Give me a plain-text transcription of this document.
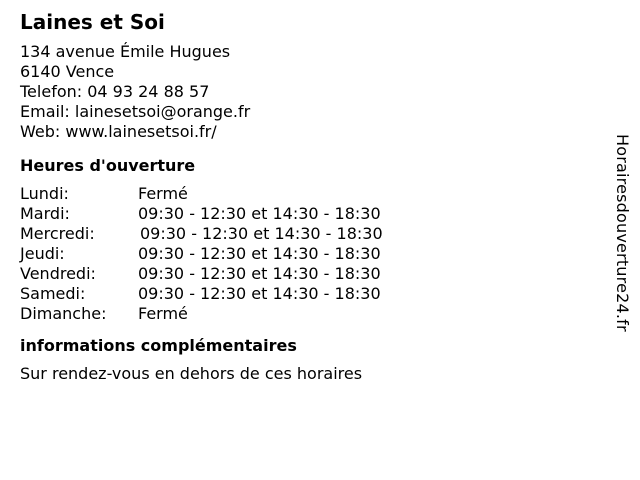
Laines et Soi
134 avenue Émile Hugues
6140 Vence
Telefon: 04 93 24 88 57
Email: lainesetsoi@orange.fr
Web: www.lainesetsoi.fr/
Heures d'ouverture
Lundi:	Fermé
Mardi:	09:30 - 12:30 et 14:30 - 18:30
Mercredi:	09:30 - 12:30 et 14:30 - 18:30
Jeudi:	09:30 - 12:30 et 14:30 - 18:30
Vendredi:	09:30 - 12:30 et 14:30 - 18:30
Samedi:	09:30 - 12:30 et 14:30 - 18:30
Dimanche: Fermé
informations complémentaires
Sur rendez-vous en dehors de ces horaires
Horairesdouverture24.fr
